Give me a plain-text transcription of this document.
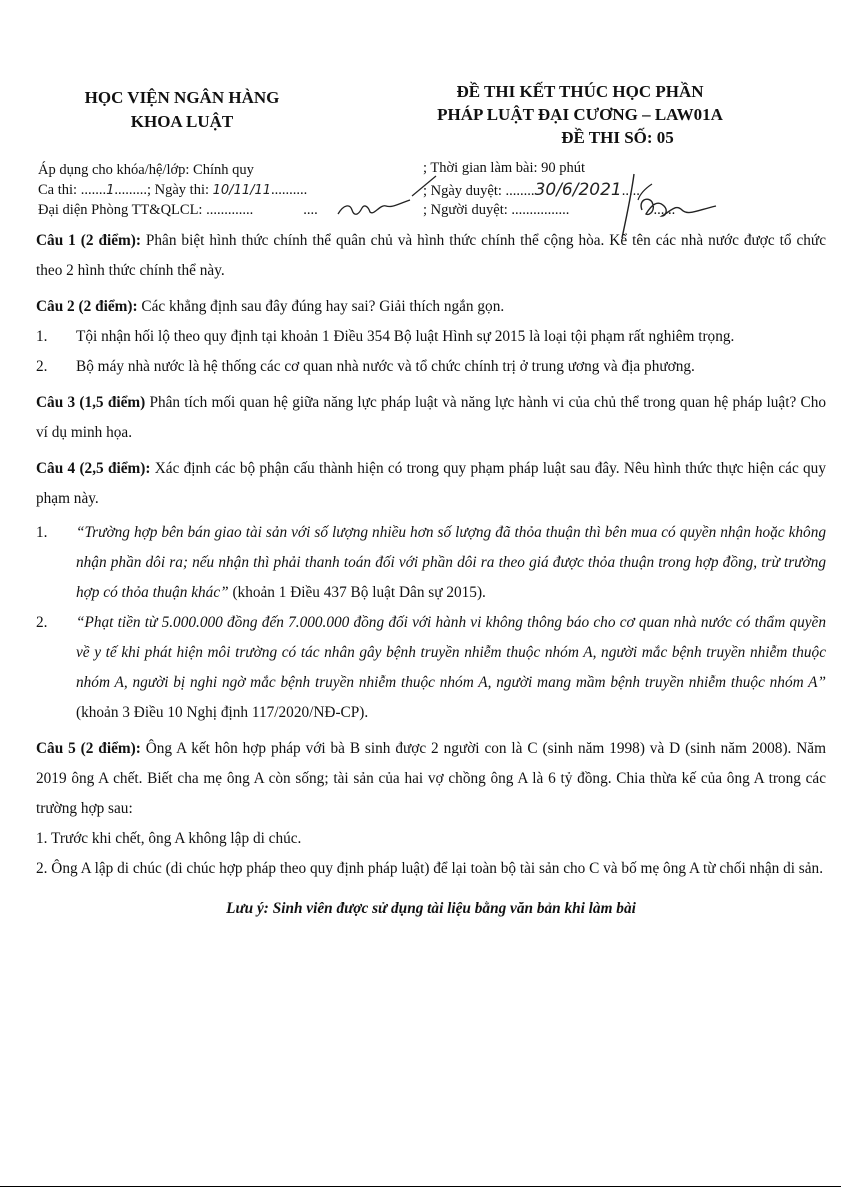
HỌC VIỆN NGÂN HÀNG
KHOA LUẬT
ĐỀ THI KẾT THÚC HỌC PHẦN
PHÁP LUẬT ĐẠI CƯƠNG – LAW01A
ĐỀ THI SỐ: 05
Áp dụng cho khóa/hệ/lớp: Chính quy	; Thời gian làm bài: 90 phút
Ca thi: .......1.........; Ngày thi: 10/11/11..........	; Ngày duyệt: ........30/6/2021.....
Đại diện Phòng TT&QLCL: .............	....	; Người duyệt: ................	......

Câu 1 (2 điểm): Phân biệt hình thức chính thể quân chủ và hình thức chính thể cộng hòa. Kể tên các nhà nước được tổ chức theo 2 hình thức chính thể này.

Câu 2 (2 điểm): Các khẳng định sau đây đúng hay sai? Giải thích ngắn gọn.

1. Tội nhận hối lộ theo quy định tại khoản 1 Điều 354 Bộ luật Hình sự 2015 là loại tội phạm rất nghiêm trọng.
2. Bộ máy nhà nước là hệ thống các cơ quan nhà nước và tổ chức chính trị ở trung ương và địa phương.

Câu 3 (1,5 điểm) Phân tích mối quan hệ giữa năng lực pháp luật và năng lực hành vi của chủ thể trong quan hệ pháp luật? Cho ví dụ minh họa.

Câu 4 (2,5 điểm): Xác định các bộ phận cấu thành hiện có trong quy phạm pháp luật sau đây. Nêu hình thức thực hiện các quy phạm này.

1. “Trường hợp bên bán giao tài sản với số lượng nhiều hơn số lượng đã thỏa thuận thì bên mua có quyền nhận hoặc không nhận phần dôi ra; nếu nhận thì phải thanh toán đối với phần dôi ra theo giá được thỏa thuận trong hợp đồng, trừ trường hợp có thỏa thuận khác” (khoản 1 Điều 437 Bộ luật Dân sự 2015).
2. “Phạt tiền từ 5.000.000 đồng đến 7.000.000 đồng đối với hành vi không thông báo cho cơ quan nhà nước có thẩm quyền về y tế khi phát hiện môi trường có tác nhân gây bệnh truyền nhiễm thuộc nhóm A, người mắc bệnh truyền nhiễm thuộc nhóm A, người bị nghi ngờ mắc bệnh truyền nhiễm thuộc nhóm A, người mang mầm bệnh truyền nhiễm thuộc nhóm A” (khoản 3 Điều 10 Nghị định 117/2020/NĐ-CP).

Câu 5 (2 điểm): Ông A kết hôn hợp pháp với bà B sinh được 2 người con là C (sinh năm 1998) và D (sinh năm 2008). Năm 2019 ông A chết. Biết cha mẹ ông A còn sống; tài sản của hai vợ chồng ông A là 6 tỷ đồng. Chia thừa kế của ông A trong các trường hợp sau:

1. Trước khi chết, ông A không lập di chúc.

2. Ông A lập di chúc (di chúc hợp pháp theo quy định pháp luật) để lại toàn bộ tài sản cho C và bố mẹ ông A từ chối nhận di sản.

Lưu ý: Sinh viên được sử dụng tài liệu bằng văn bản khi làm bài
